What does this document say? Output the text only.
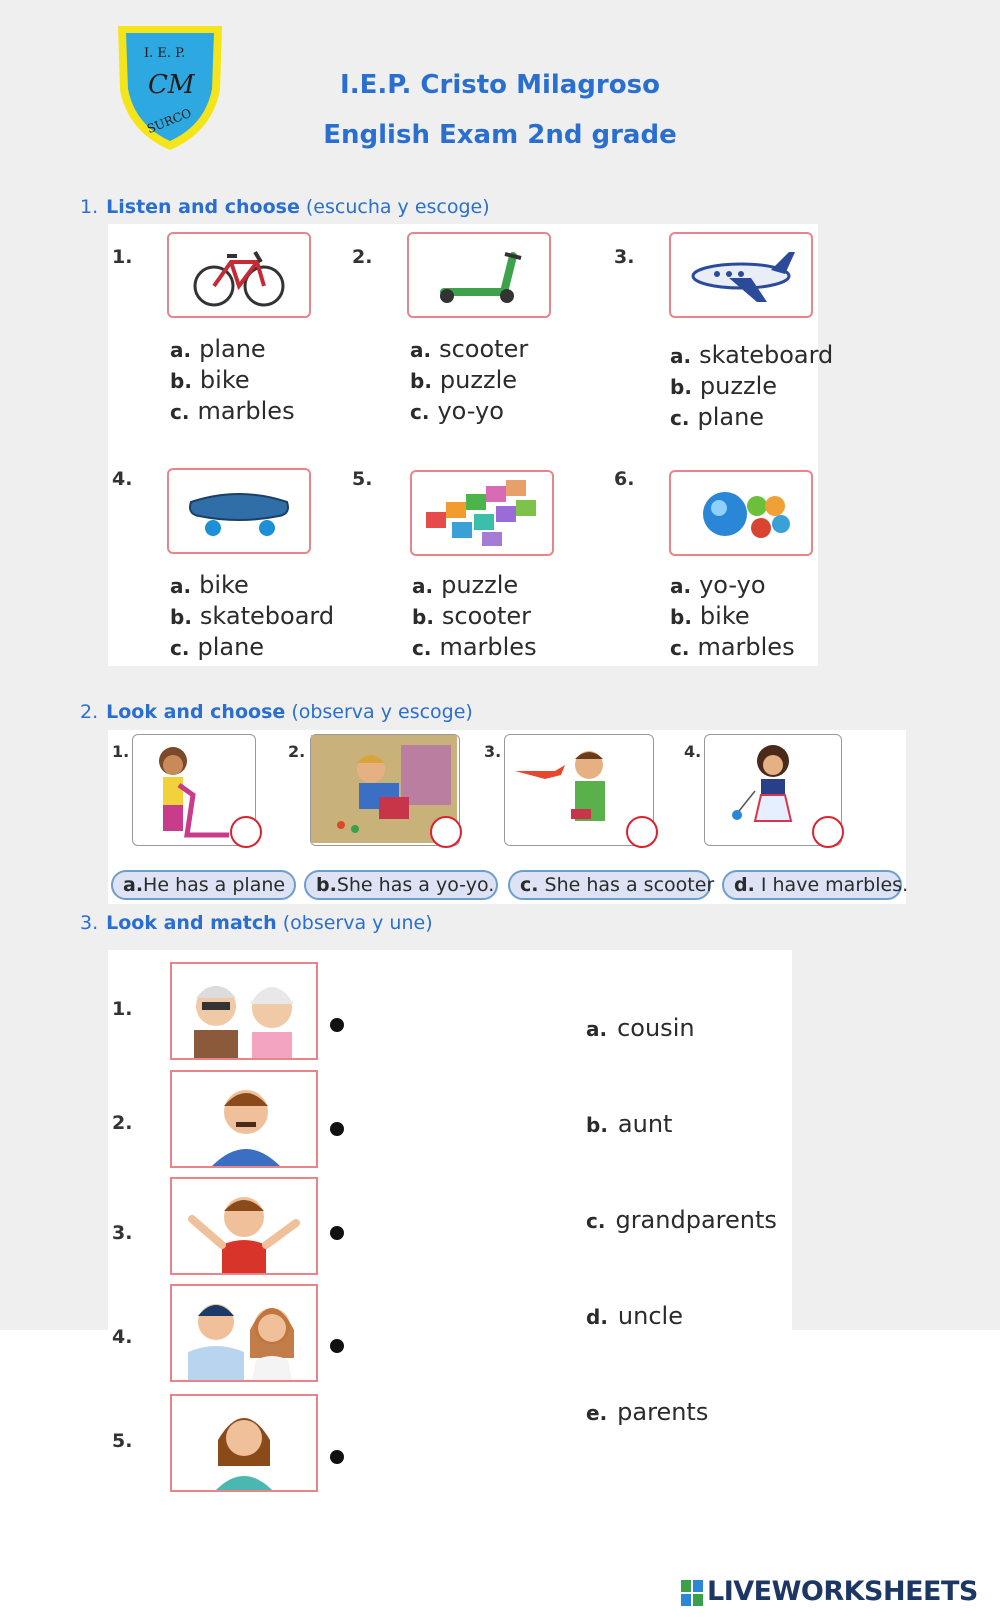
I. E. P.
CM
SURCO
I.E.P. Cristo Milagroso
English Exam 2nd grade
1. Listen and choose (escucha y escoge)
1.
a. plane
b. bike
c. marbles
2.
a. scooter
b. puzzle
c. yo-yo
3.
a. skateboard
b. puzzle
c. plane
4.
a. bike
b. skateboard
c. plane
5.
a. puzzle
b. scooter
c. marbles
6.
a. yo-yo
b. bike
c. marbles
2. Look and choose (observa y escoge)
1.	2.	3.	4.
a.He has a plane	b.She has a yo-yo.	c. She has a scooter	d. I have marbles.
3. Look and match (observa y une)
1.
2.
3.
4.
5.
a. cousin
b. aunt
c. grandparents
d. uncle
e. parents
LIVEWORKSHEETS
